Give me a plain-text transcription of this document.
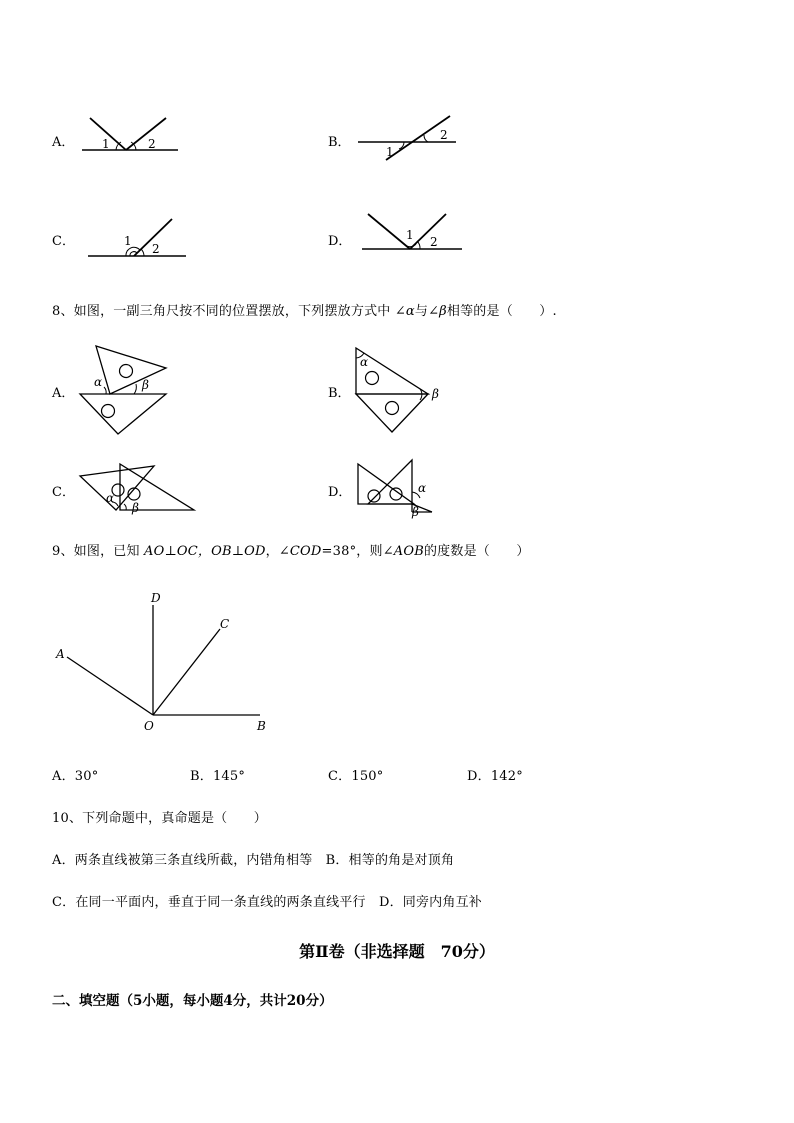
A． 1	2	B．	2
1
C．	1
2	D．	1 2
8、如图，一副三角尺按不同的位置摆放，下列摆放方式中 ∠α与∠β相等的是（　　）.
A．
α	β
B．
α
β
C．	α
β
D．	α
β
9、如图，已知 AO⊥OC，OB⊥OD，∠COD=38°，则∠AOB的度数是（　　）
D
C
A
O	B
A．30°	B．145°	C．150°	D．142°
10、下列命题中，真命题是（　　）
A．两条直线被第三条直线所截，内错角相等　B．相等的角是对顶角
C．在同一平面内，垂直于同一条直线的两条直线平行　D．同旁内角互补
第Ⅱ卷（非选择题　70分）
二、填空题（5小题，每小题4分，共计20分）
